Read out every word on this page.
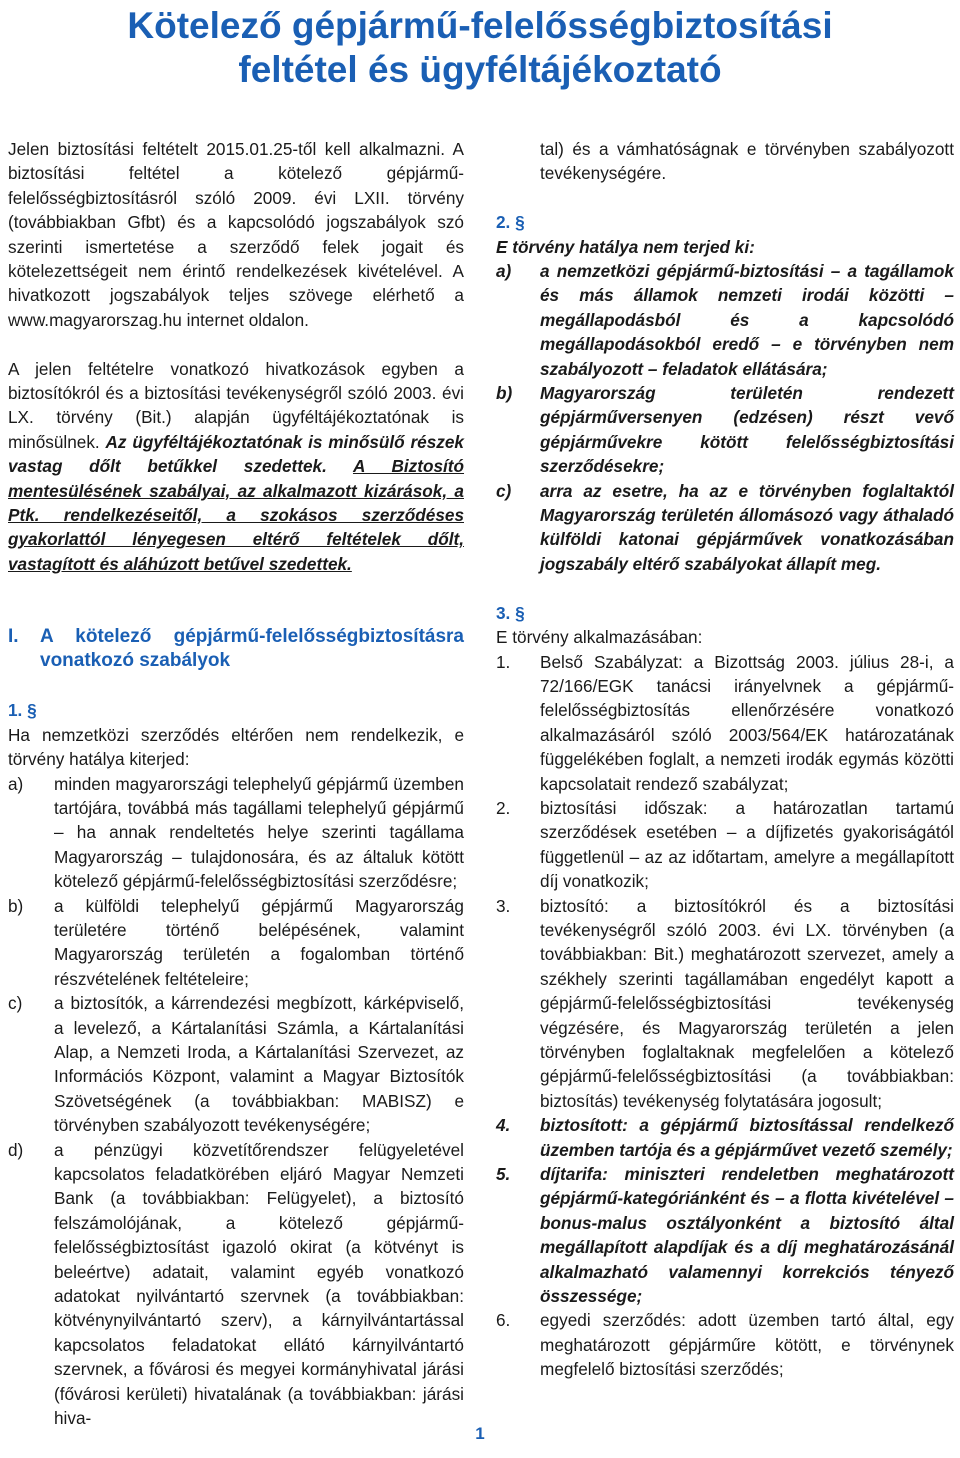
Kötelező gépjármű-felelősségbiztosítási
feltétel és ügyféltájékoztató

Jelen biztosítási feltételt 2015.01.25-től kell alkalmazni. A biztosítási feltétel a kötelező gépjármű-felelősségbiztosításról szóló 2009. évi LXII. törvény (továbbiakban Gfbt) és a kapcsolódó jogszabályok szó szerinti ismertetése a szerződő felek jogait és kötelezettségeit nem érintő rendelkezések kivételével. A hivatkozott jogszabályok teljes szövege elérhető a www.magyarorszag.hu internet oldalon.

A jelen feltételre vonatkozó hivatkozások egyben a biztosítókról és a biztosítási tevékenységről szóló 2003. évi LX. törvény (Bit.) alapján ügyféltájékoztatónak is minősülnek. Az ügyféltájékoztatónak is minősülő részek vastag dőlt betűkkel szedettek. A Biztosító mentesülésének szabályai, az alkalmazott kizárások, a Ptk. rendelkezéseitől, a szokásos szerződéses gyakorlattól lényegesen eltérő feltételek dőlt, vastagított és aláhúzott betűvel szedettek.

I. A kötelező gépjármű-felelősségbiztosításra vonatkozó szabályok

1. §

Ha nemzetközi szerződés eltérően nem rendelkezik, e törvény hatálya kiterjed:

a) minden magyarországi telephelyű gépjármű üzemben tartójára, továbbá más tagállami telephelyű gépjármű – ha annak rendeltetés helye szerinti tagállama Magyarország – tulajdonosára, és az általuk kötött kötelező gépjármű-felelősségbiztosítási szerződésre;
b) a külföldi telephelyű gépjármű Magyarország területére történő belépésének, valamint Magyarország területén a fogalomban történő részvételének feltételeire;
c) a biztosítók, a kárrendezési megbízott, kárképviselő, a levelező, a Kártalanítási Számla, a Kártalanítási Alap, a Nemzeti Iroda, a Kártalanítási Szervezet, az Információs Központ, valamint a Magyar Biztosítók Szövetségének (a továbbiakban: MABISZ) e törvényben szabályozott tevékenységére;
d) a pénzügyi közvetítőrendszer felügyeletével kapcsolatos feladatkörében eljáró Magyar Nemzeti Bank (a továbbiakban: Felügyelet), a biztosító felszámolójának, a kötelező gépjármű-felelősségbiztosítást igazoló okirat (a kötvényt is beleértve) adatait, valamint egyéb vonatkozó adatokat nyilvántartó szervnek (a továbbiakban: kötvénynyilvántartó szerv), a kárnyilvántartással kapcsolatos feladatokat ellátó kárnyilvántartó szervnek, a fővárosi és megyei kormányhivatal járási (fővárosi kerületi) hivatalának (a továbbiakban: járási hiva-

tal) és a vámhatóságnak e törvényben szabályozott tevékenységére.

2. §

E törvény hatálya nem terjed ki:

a) a nemzetközi gépjármű-biztosítási – a tagállamok és más államok nemzeti irodái közötti – megállapodásból és a kapcsolódó megállapodásokból eredő – e törvényben nem szabályozott – feladatok ellátására;
b) Magyarország területén rendezett gépjárműversenyen (edzésen) részt vevő gépjárművekre kötött felelősségbiztosítási szerződésekre;
c) arra az esetre, ha az e törvényben foglaltaktól Magyarország területén állomásozó vagy áthaladó külföldi katonai gépjárművek vonatkozásában jogszabály eltérő szabályokat állapít meg.

3. §

E törvény alkalmazásában:

1. Belső Szabályzat: a Bizottság 2003. július 28-i, a 72/166/EGK tanácsi irányelvnek a gépjármű-felelősségbiztosítás ellenőrzésére vonatkozó alkalmazásáról szóló 2003/564/EK határozatának függelékében foglalt, a nemzeti irodák egymás közötti kapcsolatait rendező szabályzat;
2. biztosítási időszak: a határozatlan tartamú szerződések esetében – a díjfizetés gyakoriságától függetlenül – az az időtartam, amelyre a megállapított díj vonatkozik;
3. biztosító: a biztosítókról és a biztosítási tevékenységről szóló 2003. évi LX. törvényben (a továbbiakban: Bit.) meghatározott szervezet, amely a székhely szerinti tagállamában engedélyt kapott a gépjármű-felelősségbiztosítási tevékenység végzésére, és Magyarország területén a jelen törvényben foglaltaknak megfelelően a kötelező gépjármű-felelősségbiztosítási (a továbbiakban: biztosítás) tevékenység folytatására jogosult;
4. biztosított: a gépjármű biztosítással rendelkező üzemben tartója és a gépjárművet vezető személy;
5. díjtarifa: miniszteri rendeletben meghatározott gépjármű-kategóriánként és – a flotta kivételével – bonus-malus osztályonként a biztosító által megállapított alapdíjak és a díj meghatározásánál alkalmazható valamennyi korrekciós tényező összessége;
6. egyedi szerződés: adott üzemben tartó által, egy meghatározott gépjárműre kötött, e törvénynek megfelelő biztosítási szerződés;
1
